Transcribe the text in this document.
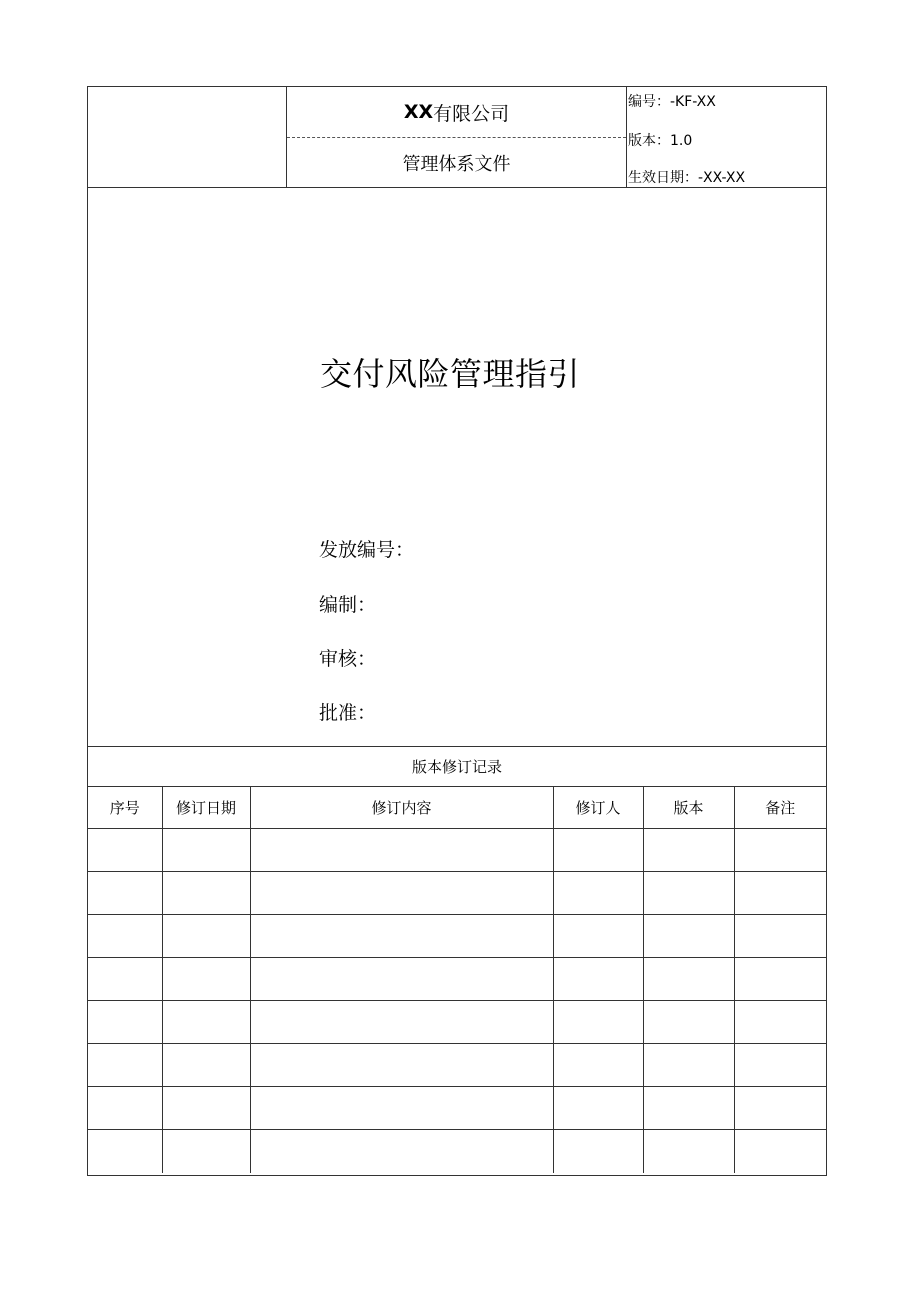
XX 有限公司
管理体系文件
编号：-KF-XX
版本：1.0
生效日期：-XX-XX
交付风险管理指引
发放编号：
编制：
审核：
批准：
版本修订记录					
序号	修订日期	修订内容	修订人	版本	备注
